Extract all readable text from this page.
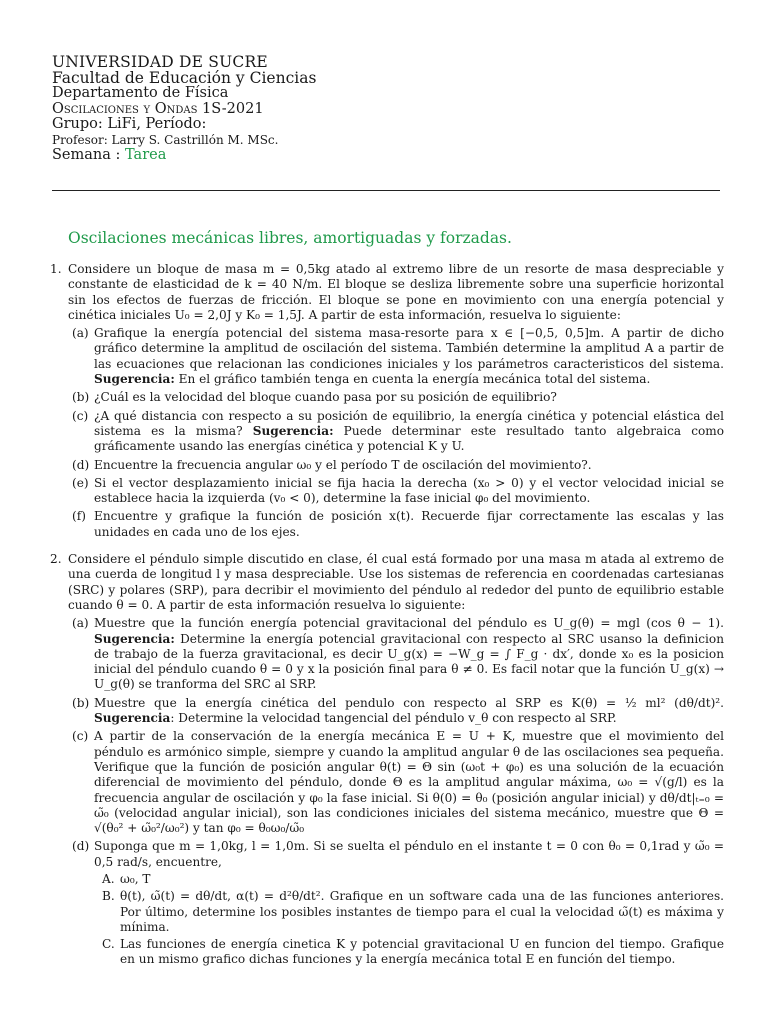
UNIVERSIDAD DE SUCRE
Facultad de Educación y Ciencias
Departamento de Física
Oscilaciones y Ondas 1S-2021
Grupo: LiFi, Período:
Profesor: Larry S. Castrillón M. MSc.
Semana : Tarea
Oscilaciones mecánicas libres, amortiguadas y forzadas.
1. Considere un bloque de masa m = 0,5kg atado al extremo libre de un resorte de masa despreciable y constante de elasticidad de k = 40 N/m. El bloque se desliza libremente sobre una superficie horizontal sin los efectos de fuerzas de fricción. El bloque se pone en movimiento con una energía potencial y cinética iniciales U₀ = 2,0J y K₀ = 1,5J. A partir de esta información, resuelva lo siguiente:
(a) Grafique la energía potencial del sistema masa-resorte para x ∈ [−0,5, 0,5]m. A partir de dicho gráfico determine la amplitud de oscilación del sistema. También determine la amplitud A a partir de las ecuaciones que relacionan las condiciones iniciales y los parámetros caracteristicos del sistema. Sugerencia: En el gráfico también tenga en cuenta la energía mecánica total del sistema.
(b) ¿Cuál es la velocidad del bloque cuando pasa por su posición de equilibrio?
(c) ¿A qué distancia con respecto a su posición de equilibrio, la energía cinética y potencial elástica del sistema es la misma? Sugerencia: Puede determinar este resultado tanto algebraica como gráficamente usando las energías cinética y potencial K y U.
(d) Encuentre la frecuencia angular ω₀ y el período T de oscilación del movimiento?.
(e) Si el vector desplazamiento inicial se fija hacia la derecha (x₀ > 0) y el vector velocidad inicial se establece hacia la izquierda (v₀ < 0), determine la fase inicial φ₀ del movimiento.
(f) Encuentre y grafique la función de posición x(t). Recuerde fijar correctamente las escalas y las unidades en cada uno de los ejes.
2. Considere el péndulo simple discutido en clase, él cual está formado por una masa m atada al extremo de una cuerda de longitud l y masa despreciable. Use los sistemas de referencia en coordenadas cartesianas (SRC) y polares (SRP), para decribir el movimiento del péndulo al rededor del punto de equilibrio estable cuando θ = 0. A partir de esta información resuelva lo siguiente:
(a) Muestre que la función energía potencial gravitacional del péndulo es U_g(θ) = mgl (cos θ − 1). Sugerencia: Determine la energía potencial gravitacional con respecto al SRC usanso la definicion de trabajo de la fuerza gravitacional, es decir U_g(x) = −W_g = ∫ F_g · dx′, donde x₀ es la posicion inicial del péndulo cuando θ = 0 y x la posición final para θ ≠ 0. Es facil notar que la función U_g(x) → U_g(θ) se tranforma del SRC al SRP.
(b) Muestre que la energía cinética del pendulo con respecto al SRP es K(θ) = ½ ml² (dθ/dt)². Sugerencia: Determine la velocidad tangencial del péndulo v_θ con respecto al SRP.
(c) A partir de la conservación de la energía mecánica E = U + K, muestre que el movimiento del péndulo es armónico simple, siempre y cuando la amplitud angular θ de las oscilaciones sea pequeña. Verifique que la función de posición angular θ(t) = Θ sin (ω₀t + φ₀) es una solución de la ecuación diferencial de movimiento del péndulo, donde Θ es la amplitud angular máxima, ω₀ = √(g/l) es la frecuencia angular de oscilación y φ₀ la fase inicial. Si θ(0) = θ₀ (posición angular inicial) y dθ/dt|ₜ₌₀ = ω̃₀ (velocidad angular inicial), son las condiciones iniciales del sistema mecánico, muestre que Θ = √(θ₀² + ω̃₀²/ω₀²) y tan φ₀ = θ₀ω₀/ω̃₀
(d) Suponga que m = 1,0kg, l = 1,0m. Si se suelta el péndulo en el instante t = 0 con θ₀ = 0,1rad y ω̃₀ = 0,5 rad/s, encuentre,
A. ω₀, T
B. θ(t), ω̃(t) = dθ/dt, α(t) = d²θ/dt². Grafique en un software cada una de las funciones anteriores. Por último, determine los posibles instantes de tiempo para el cual la velocidad ω̃(t) es máxima y mínima.
C. Las funciones de energía cinetica K y potencial gravitacional U en funcion del tiempo. Grafique en un mismo grafico dichas funciones y la energía mecánica total E en función del tiempo.
